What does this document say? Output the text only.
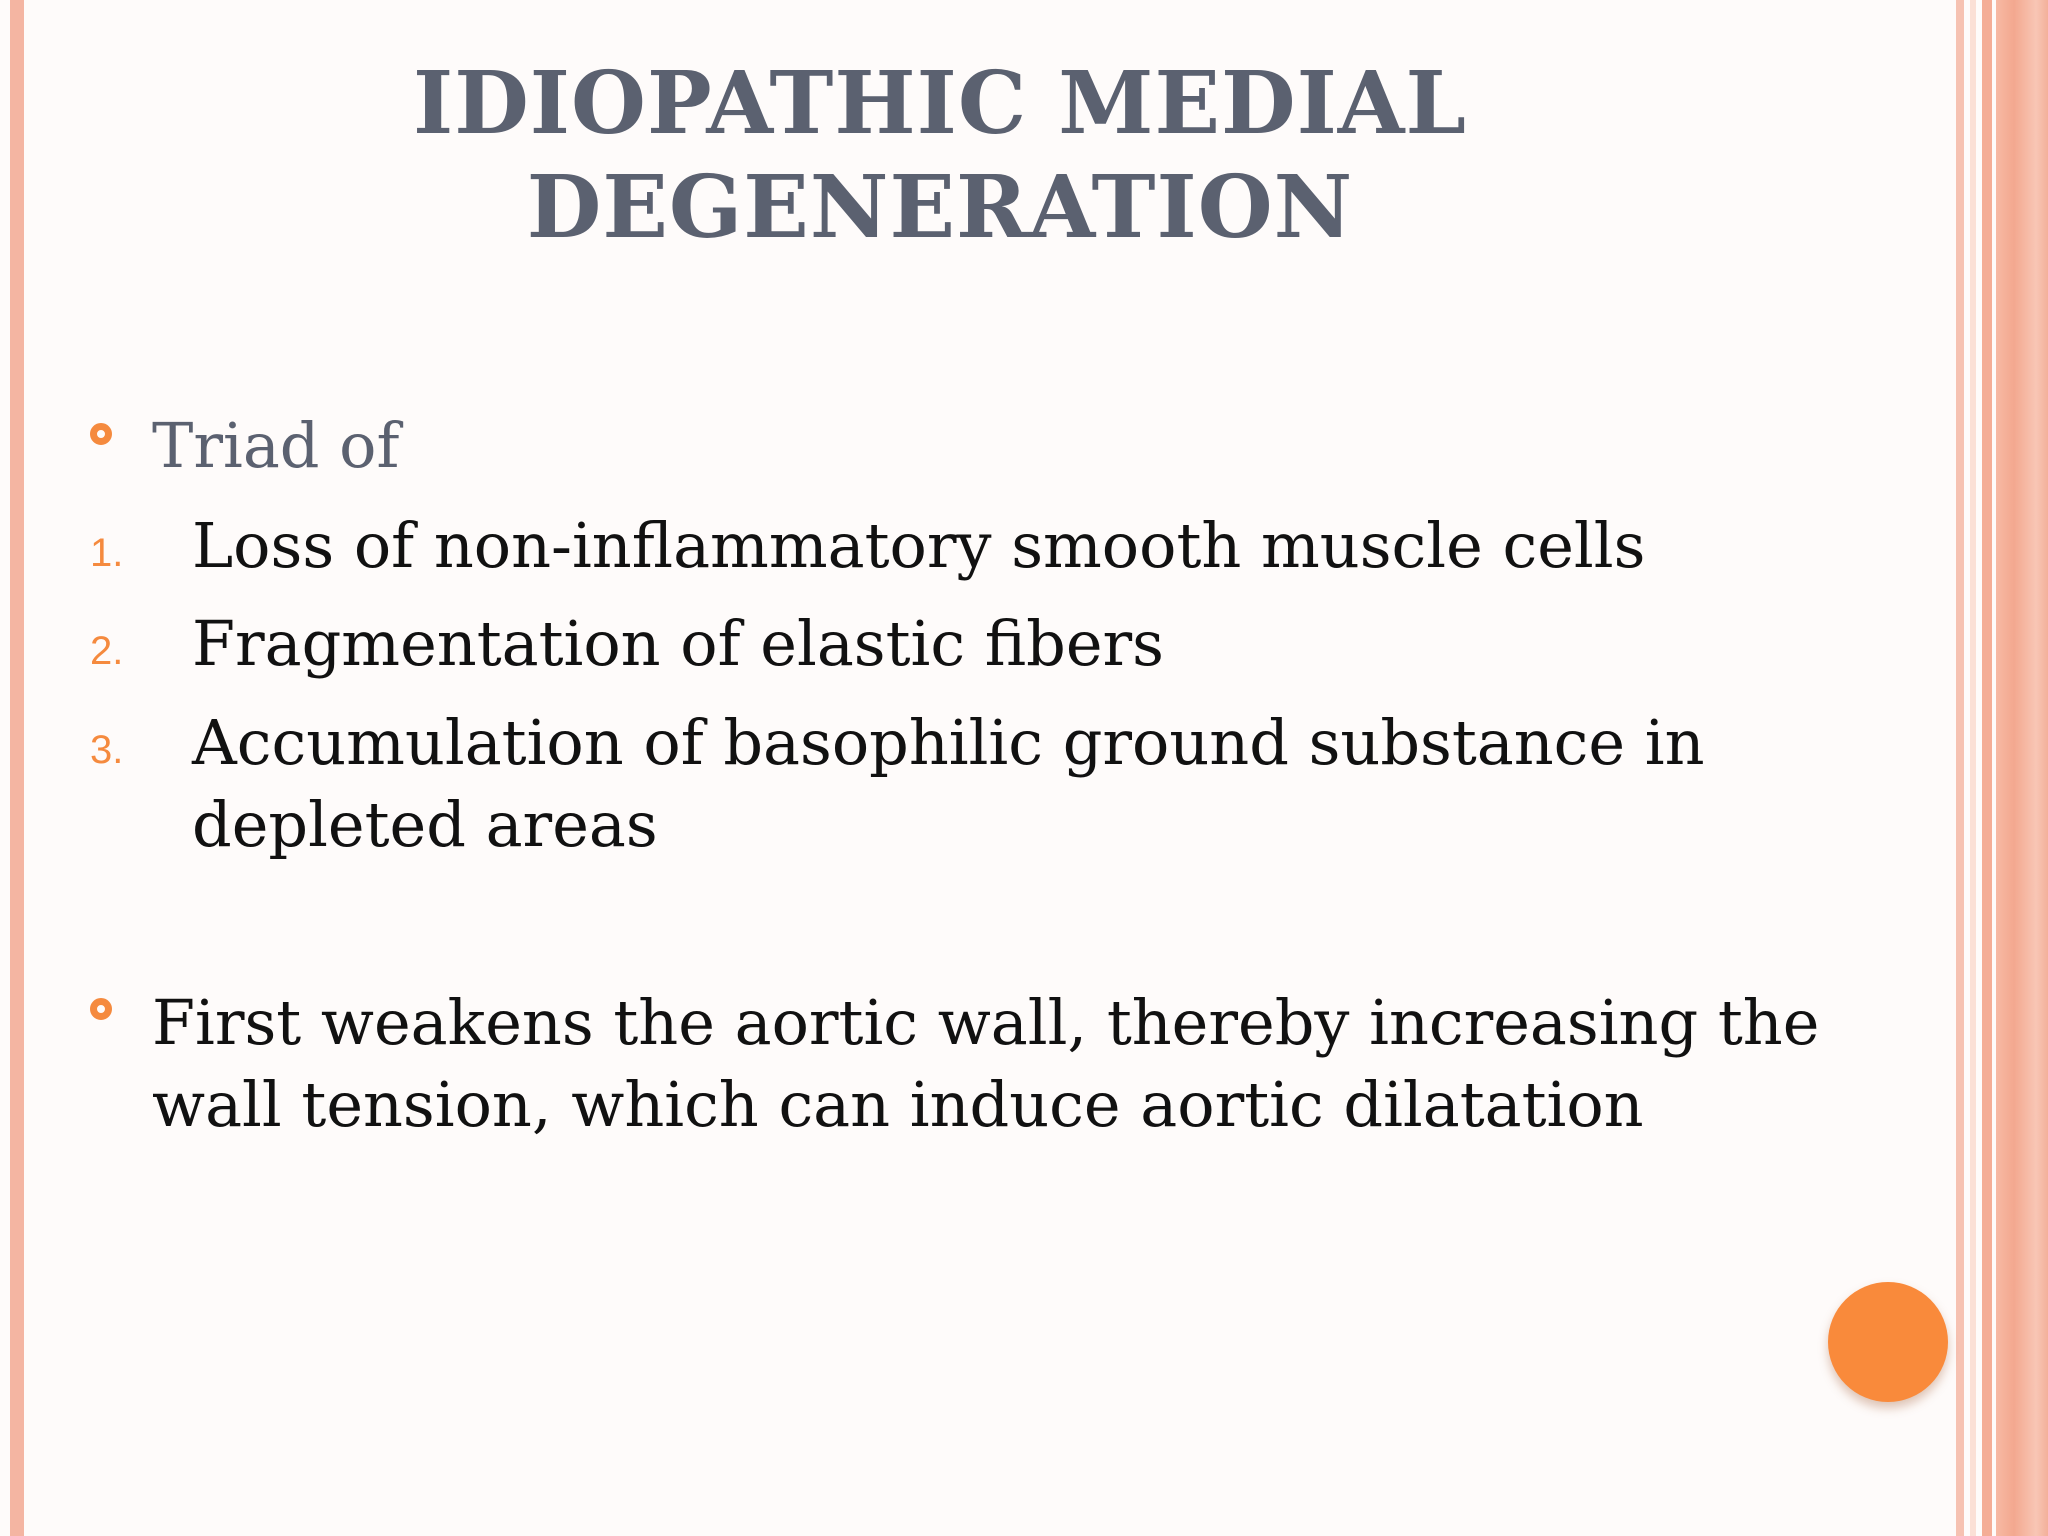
IDIOPATHIC MEDIAL
DEGENERATION
Triad of
1. Loss of non-inflammatory smooth muscle cells
2. Fragmentation of elastic fibers
3. Accumulation of basophilic ground substance in
depleted areas
First weakens the aortic wall, thereby increasing the
wall tension, which can induce aortic dilatation
